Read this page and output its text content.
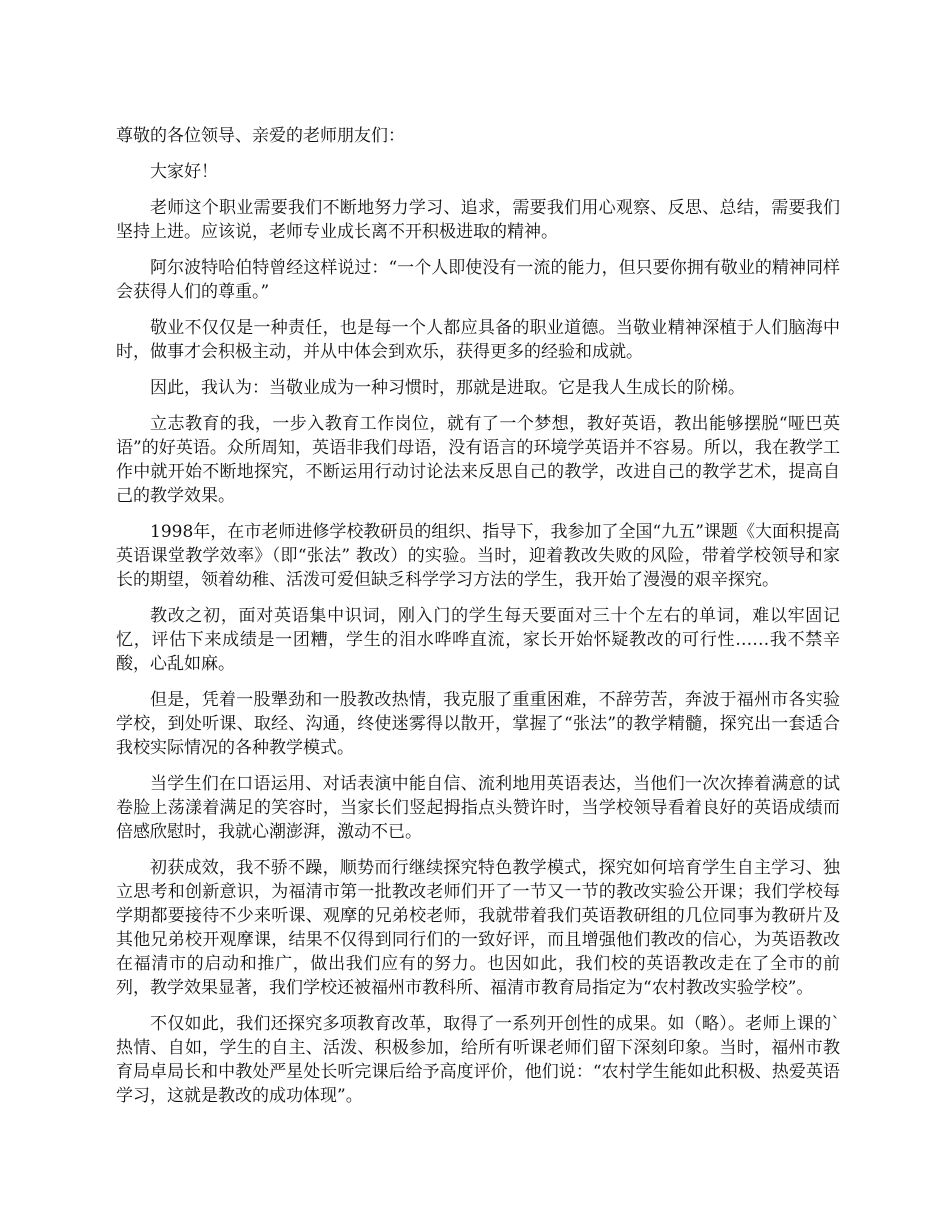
尊敬的各位领导、亲爱的老师朋友们：

大家好！

老师这个职业需要我们不断地努力学习、追求，需要我们用心观察、反思、总结，需要我们坚持上进。应该说，老师专业成长离不开积极进取的精神。

阿尔波特哈伯特曾经这样说过：“一个人即使没有一流的能力，但只要你拥有敬业的精神同样会获得人们的尊重。”

敬业不仅仅是一种责任，也是每一个人都应具备的职业道德。当敬业精神深植于人们脑海中时，做事才会积极主动，并从中体会到欢乐，获得更多的经验和成就。

因此，我认为：当敬业成为一种习惯时，那就是进取。它是我人生成长的阶梯。

立志教育的我，一步入教育工作岗位，就有了一个梦想，教好英语，教出能够摆脱“哑巴英语”的好英语。众所周知，英语非我们母语，没有语言的环境学英语并不容易。所以，我在教学工作中就开始不断地探究，不断运用行动讨论法来反思自己的教学，改进自己的教学艺术，提高自己的教学效果。

1998年，在市老师进修学校教研员的组织、指导下，我参加了全国“九五”课题《大面积提高英语课堂教学效率》（即“张法” 教改）的实验。当时，迎着教改失败的风险，带着学校领导和家长的期望，领着幼稚、活泼可爱但缺乏科学学习方法的学生，我开始了漫漫的艰辛探究。

教改之初，面对英语集中识词，刚入门的学生每天要面对三十个左右的单词，难以牢固记忆，评估下来成绩是一团糟，学生的泪水哗哗直流，家长开始怀疑教改的可行性……我不禁辛酸，心乱如麻。

但是，凭着一股犟劲和一股教改热情，我克服了重重困难，不辞劳苦，奔波于福州市各实验学校，到处听课、取经、沟通，终使迷雾得以散开，掌握了“张法”的教学精髓，探究出一套适合我校实际情况的各种教学模式。

当学生们在口语运用、对话表演中能自信、流利地用英语表达，当他们一次次捧着满意的试卷脸上荡漾着满足的笑容时，当家长们竖起拇指点头赞许时，当学校领导看着良好的英语成绩而倍感欣慰时，我就心潮澎湃，激动不已。

初获成效，我不骄不躁，顺势而行继续探究特色教学模式，探究如何培育学生自主学习、独立思考和创新意识，为福清市第一批教改老师们开了一节又一节的教改实验公开课；我们学校每学期都要接待不少来听课、观摩的兄弟校老师，我就带着我们英语教研组的几位同事为教研片及其他兄弟校开观摩课，结果不仅得到同行们的一致好评，而且增强他们教改的信心，为英语教改在福清市的启动和推广，做出我们应有的努力。也因如此，我们校的英语教改走在了全市的前列，教学效果显著，我们学校还被福州市教科所、福清市教育局指定为“农村教改实验学校”。

不仅如此，我们还探究多项教育改革，取得了一系列开创性的成果。如（略）。老师上课的`热情、自如，学生的自主、活泼、积极参加，给所有听课老师们留下深刻印象。当时，福州市教育局卓局长和中教处严星处长听完课后给予高度评价，他们说：“农村学生能如此积极、热爱英语学习，这就是教改的成功体现”。
